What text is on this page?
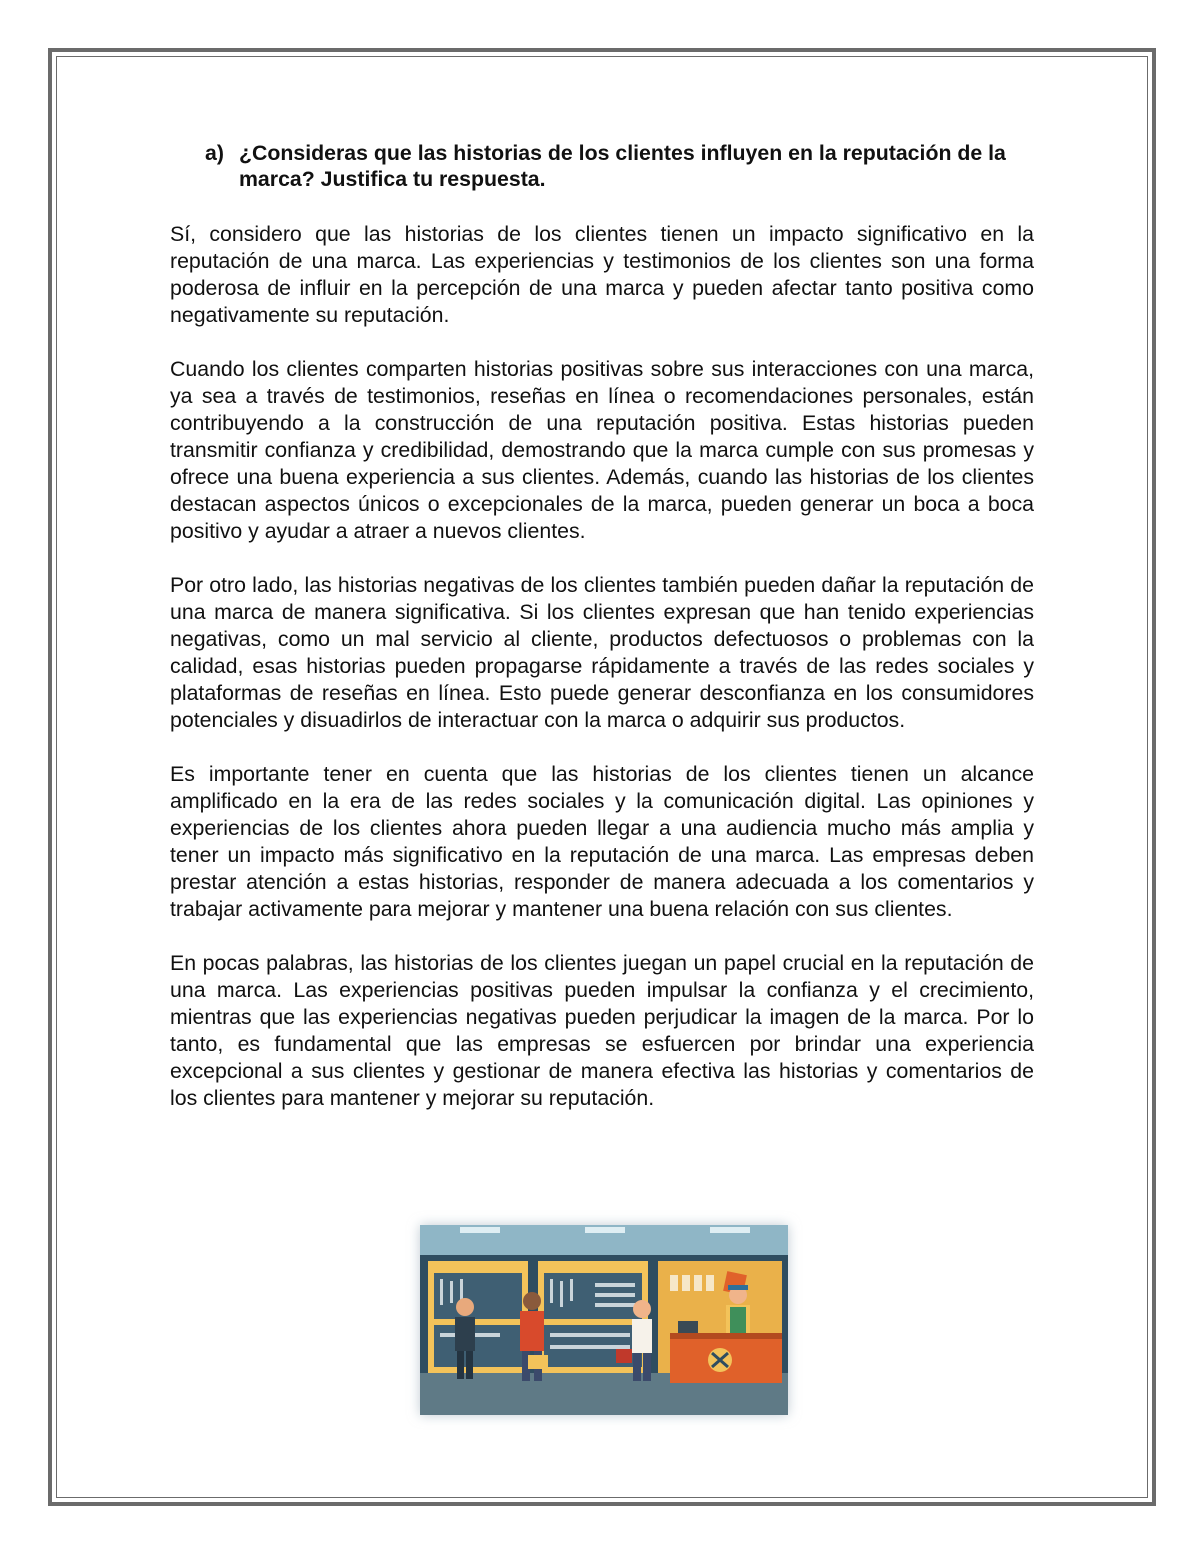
a) ¿Consideras que las historias de los clientes influyen en la reputación de la marca? Justifica tu respuesta.

Sí, considero que las historias de los clientes tienen un impacto significativo en la reputación de una marca. Las experiencias y testimonios de los clientes son una forma poderosa de influir en la percepción de una marca y pueden afectar tanto positiva como negativamente su reputación.

Cuando los clientes comparten historias positivas sobre sus interacciones con una marca, ya sea a través de testimonios, reseñas en línea o recomendaciones personales, están contribuyendo a la construcción de una reputación positiva. Estas historias pueden transmitir confianza y credibilidad, demostrando que la marca cumple con sus promesas y ofrece una buena experiencia a sus clientes. Además, cuando las historias de los clientes destacan aspectos únicos o excepcionales de la marca, pueden generar un boca a boca positivo y ayudar a atraer a nuevos clientes.

Por otro lado, las historias negativas de los clientes también pueden dañar la reputación de una marca de manera significativa. Si los clientes expresan que han tenido experiencias negativas, como un mal servicio al cliente, productos defectuosos o problemas con la calidad, esas historias pueden propagarse rápidamente a través de las redes sociales y plataformas de reseñas en línea. Esto puede generar desconfianza en los consumidores potenciales y disuadirlos de interactuar con la marca o adquirir sus productos.

Es importante tener en cuenta que las historias de los clientes tienen un alcance amplificado en la era de las redes sociales y la comunicación digital. Las opiniones y experiencias de los clientes ahora pueden llegar a una audiencia mucho más amplia y tener un impacto más significativo en la reputación de una marca. Las empresas deben prestar atención a estas historias, responder de manera adecuada a los comentarios y trabajar activamente para mejorar y mantener una buena relación con sus clientes.

En pocas palabras, las historias de los clientes juegan un papel crucial en la reputación de una marca. Las experiencias positivas pueden impulsar la confianza y el crecimiento, mientras que las experiencias negativas pueden perjudicar la imagen de la marca. Por lo tanto, es fundamental que las empresas se esfuercen por brindar una experiencia excepcional a sus clientes y gestionar de manera efectiva las historias y comentarios de los clientes para mantener y mejorar su reputación.
